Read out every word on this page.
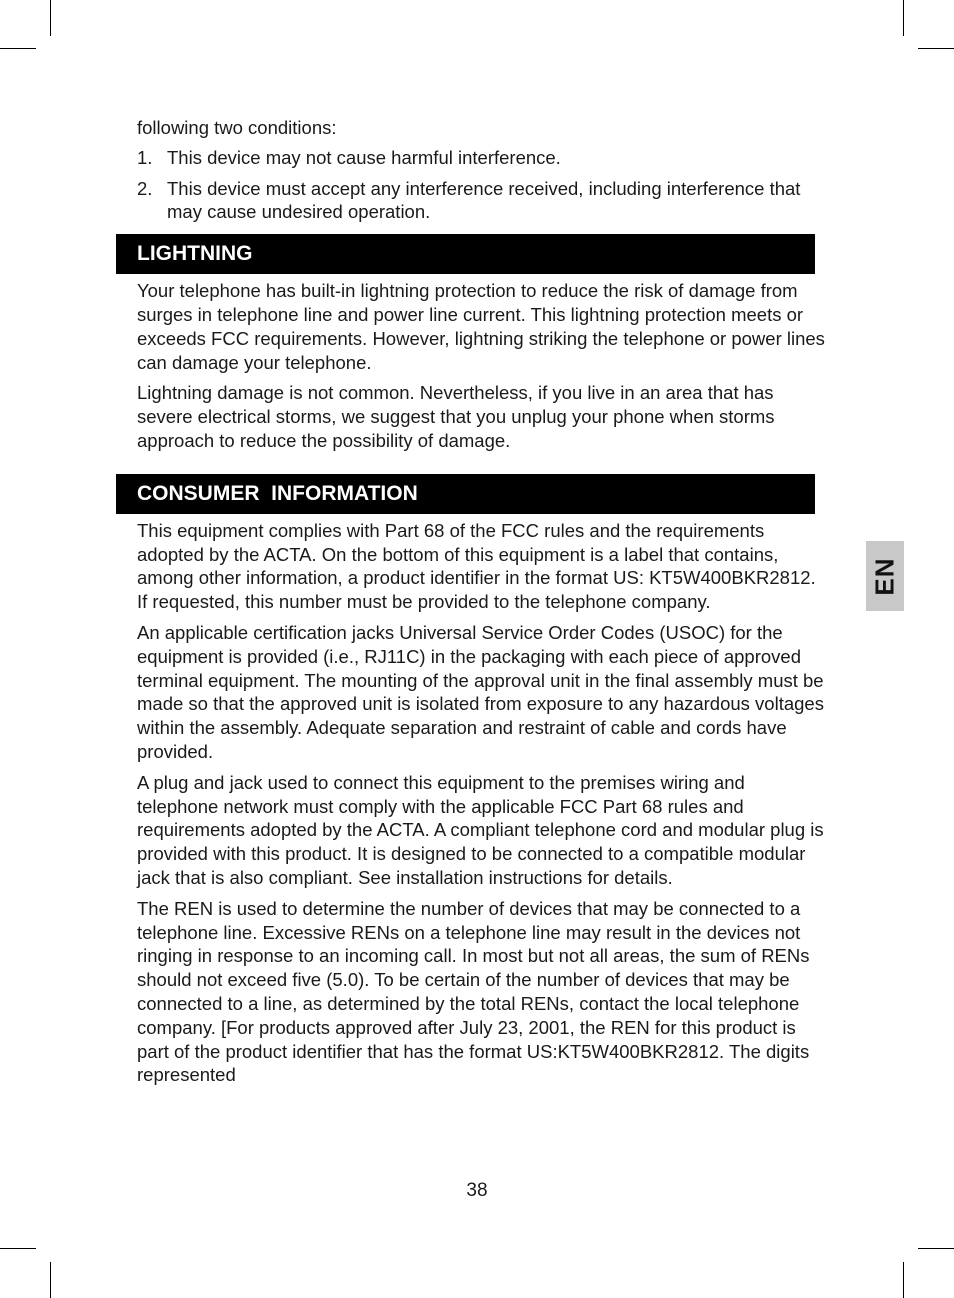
following two conditions:

1. This device may not cause harmful interference.
2. This device must accept any interference received, including interference that may cause undesired operation.
LIGHTNING

Your telephone has built-in lightning protection to reduce the risk of damage from surges in telephone line and power line current. This lightning protection meets or exceeds FCC requirements. However, lightning striking the telephone or power lines can damage your telephone.

Lightning damage is not common. Nevertheless, if you live in an area that has severe electrical storms, we suggest that you unplug your phone when storms approach to reduce the possibility of damage.

CONSUMER  INFORMATION

This equipment complies with Part 68 of the FCC rules and the requirements adopted by the ACTA. On the bottom of this equipment is a label that contains, among other information, a product identifier in the format US: KT5W400BKR2812. If requested, this number must be provided to the telephone company.

An applicable certification jacks Universal Service Order Codes (USOC) for the equipment is provided (i.e., RJ11C) in the packaging with each piece of approved terminal equipment. The mounting of the approval unit in the final assembly must be made so that the approved unit is isolated from exposure to any hazardous voltages within the assembly. Adequate separation and restraint of cable and cords have provided.

A plug and jack used to connect this equipment to the premises wiring and telephone network must comply with the applicable FCC Part 68 rules and requirements adopted by the ACTA. A compliant telephone cord and modular plug is provided with this product. It is designed to be connected to a compatible modular jack that is also compliant. See installation instructions for details.

The REN is used to determine the number of devices that may be connected to a telephone line. Excessive RENs on a telephone line may result in the devices not ringing in response to an incoming call. In most but not all areas, the sum of RENs should not exceed five (5.0). To be certain of the number of devices that may be connected to a line, as determined by the total RENs, contact the local telephone company. [For products approved after July 23, 2001, the REN for this product is part of the product identifier that has the format US:KT5W400BKR2812. The digits represented

EN
38
